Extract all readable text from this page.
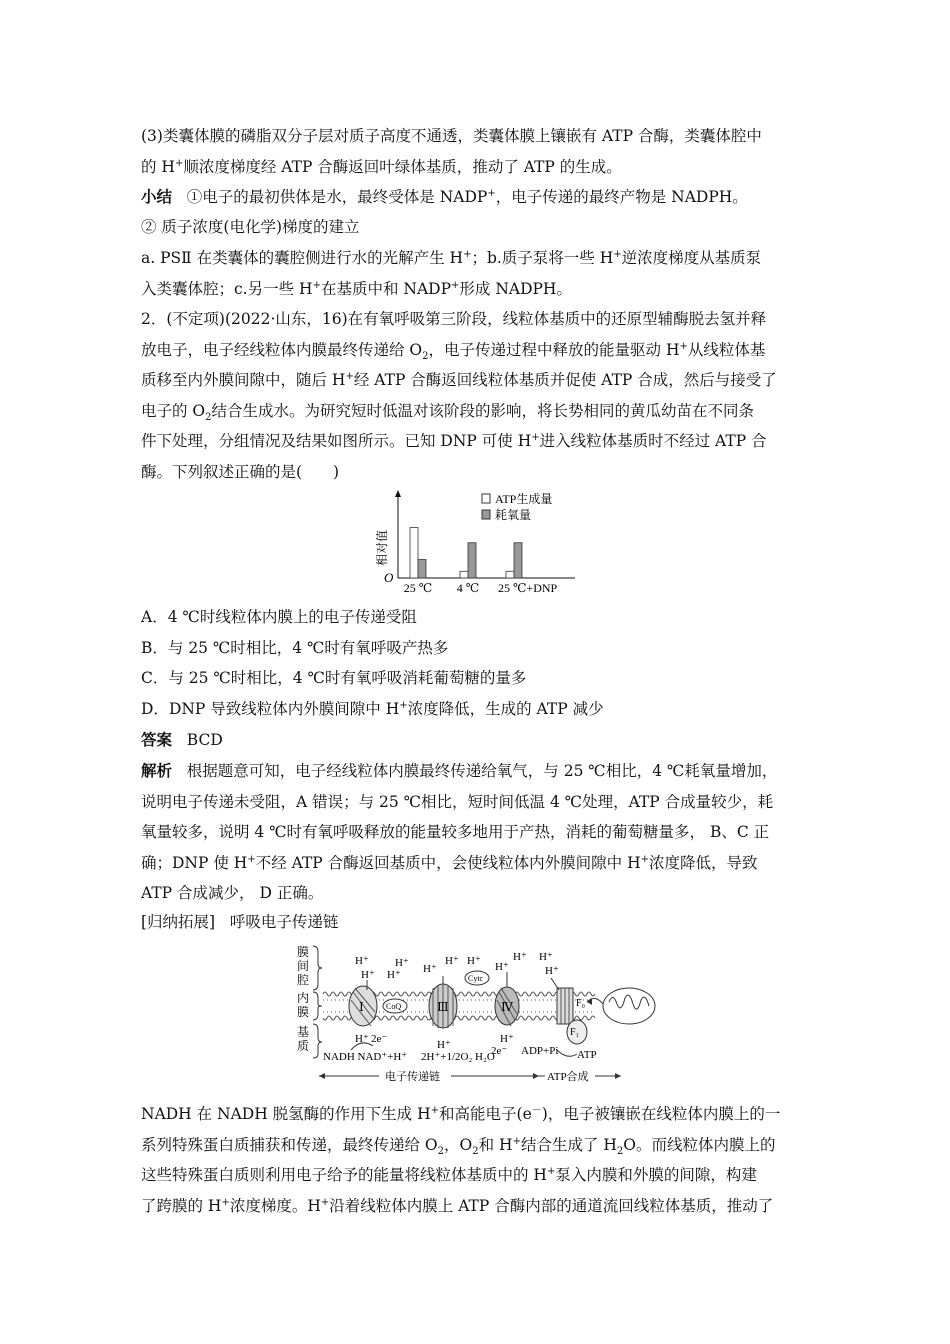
(3)类囊体膜的磷脂双分子层对质子高度不通透，类囊体膜上镶嵌有 ATP 合酶，类囊体腔中
的 H+顺浓度梯度经 ATP 合酶返回叶绿体基质，推动了 ATP 的生成。

小结 ①电子的最初供体是水，最终受体是 NADP+，电子传递的最终产物是 NADPH。

② 质子浓度(电化学)梯度的建立

a. PSⅡ 在类囊体的囊腔侧进行水的光解产生 H+；b.质子泵将一些 H+逆浓度梯度从基质泵
入类囊体腔；c.另一些 H+在基质中和 NADP+形成 NADPH。

2．(不定项)(2022·山东，16)在有氧呼吸第三阶段，线粒体基质中的还原型辅酶脱去氢并释
放电子，电子经线粒体内膜最终传递给 $O_2$，电子传递过程中释放的能量驱动 H+从线粒体基
质移至内外膜间隙中，随后 H+经 ATP 合酶返回线粒体基质并促使 ATP 合成，然后与接受了
电子的 $O_2$结合生成水。为研究短时低温对该阶段的影响，将长势相同的黄瓜幼苗在不同条
件下处理，分组情况及结果如图所示。已知 DNP 可使 H+进入线粒体基质时不经过 ATP 合
酶。下列叙述正确的是(　　)

相对值
O
25 ℃ 4 ℃ 25 ℃+DNP
ATP生成量
耗氧量
A．4 ℃时线粒体内膜上的电子传递受阻
B．与 25 ℃时相比，4 ℃时有氧呼吸产热多
C．与 25 ℃时相比，4 ℃时有氧呼吸消耗葡萄糖的量多
D．DNP 导致线粒体内外膜间隙中 H+浓度降低，生成的 ATP 减少
答案 BCD

解析 根据题意可知，电子经线粒体内膜最终传递给氧气，与 25 ℃相比，4 ℃耗氧量增加，
说明电子传递未受阻，A 错误；与 25 ℃相比，短时间低温 4 ℃处理，ATP 合成量较少，耗
氧量较多，说明 4 ℃时有氧呼吸释放的能量较多地用于产热，消耗的葡萄糖量多， B、C 正
确；DNP 使 H+不经 ATP 合酶返回基质中，会使线粒体内外膜间隙中 H+浓度降低，导致
ATP 合成减少， D 正确。

[归纳拓展] 呼吸电子传递链
膜
间
腔
内
膜
基
质
Ⅰ	CoQ	Ⅲ
Cytc
Ⅳ
F₁
F₀
H⁺
H⁺ H⁺
H⁺ H⁺
H⁺ H⁺ H⁺
H⁺ H⁺
H⁺
H⁺
H⁺
H⁺ 2e⁻
NADH NAD⁺+H⁺ 2H⁺+1/2O₂ H₂O
2e⁻ ADP+Pi ATP
电子传递链	ATP合成

NADH 在 NADH 脱氢酶的作用下生成 H+和高能电子(e－)，电子被镶嵌在线粒体内膜上的一
系列特殊蛋白质捕获和传递，最终传递给 $O_2$，$O_2$和 H+结合生成了 $H_2O$。而线粒体内膜上的
这些特殊蛋白质则利用电子给予的能量将线粒体基质中的 H+泵入内膜和外膜的间隙，构建
了跨膜的 H+浓度梯度。H+沿着线粒体内膜上 ATP 合酶内部的通道流回线粒体基质，推动了
